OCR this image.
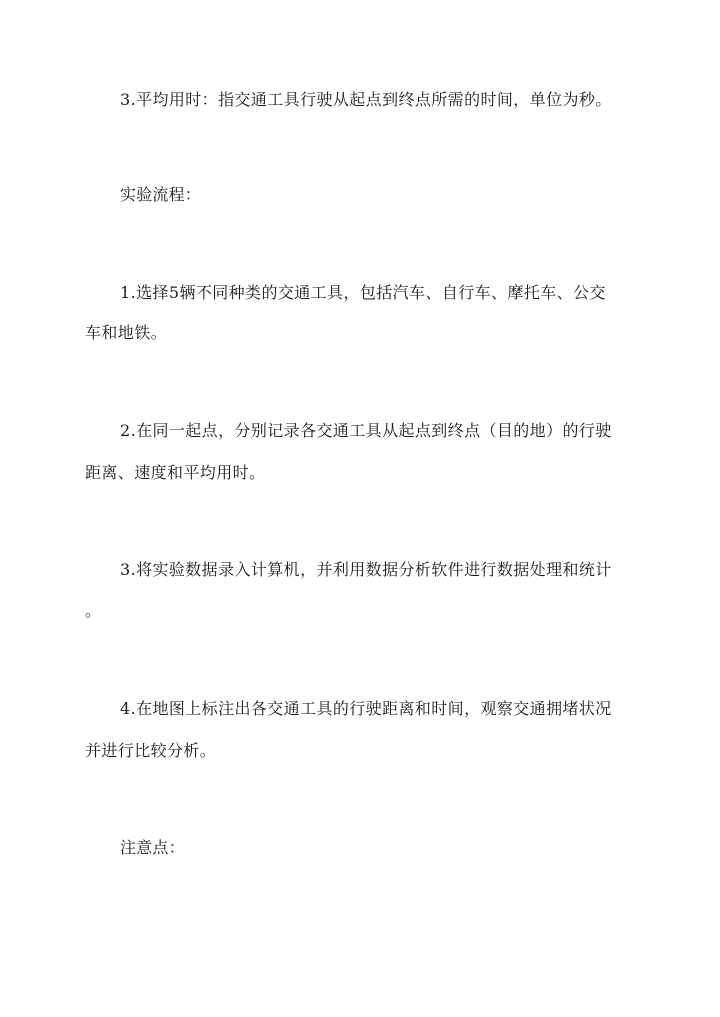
3.平均用时：指交通工具行驶从起点到终点所需的时间，单位为秒。
实验流程：
1.选择5辆不同种类的交通工具，包括汽车、自行车、摩托车、公交
车和地铁。
2.在同一起点，分别记录各交通工具从起点到终点（目的地）的行驶
距离、速度和平均用时。
3.将实验数据录入计算机，并利用数据分析软件进行数据处理和统计
。
4.在地图上标注出各交通工具的行驶距离和时间，观察交通拥堵状况
并进行比较分析。
注意点：
